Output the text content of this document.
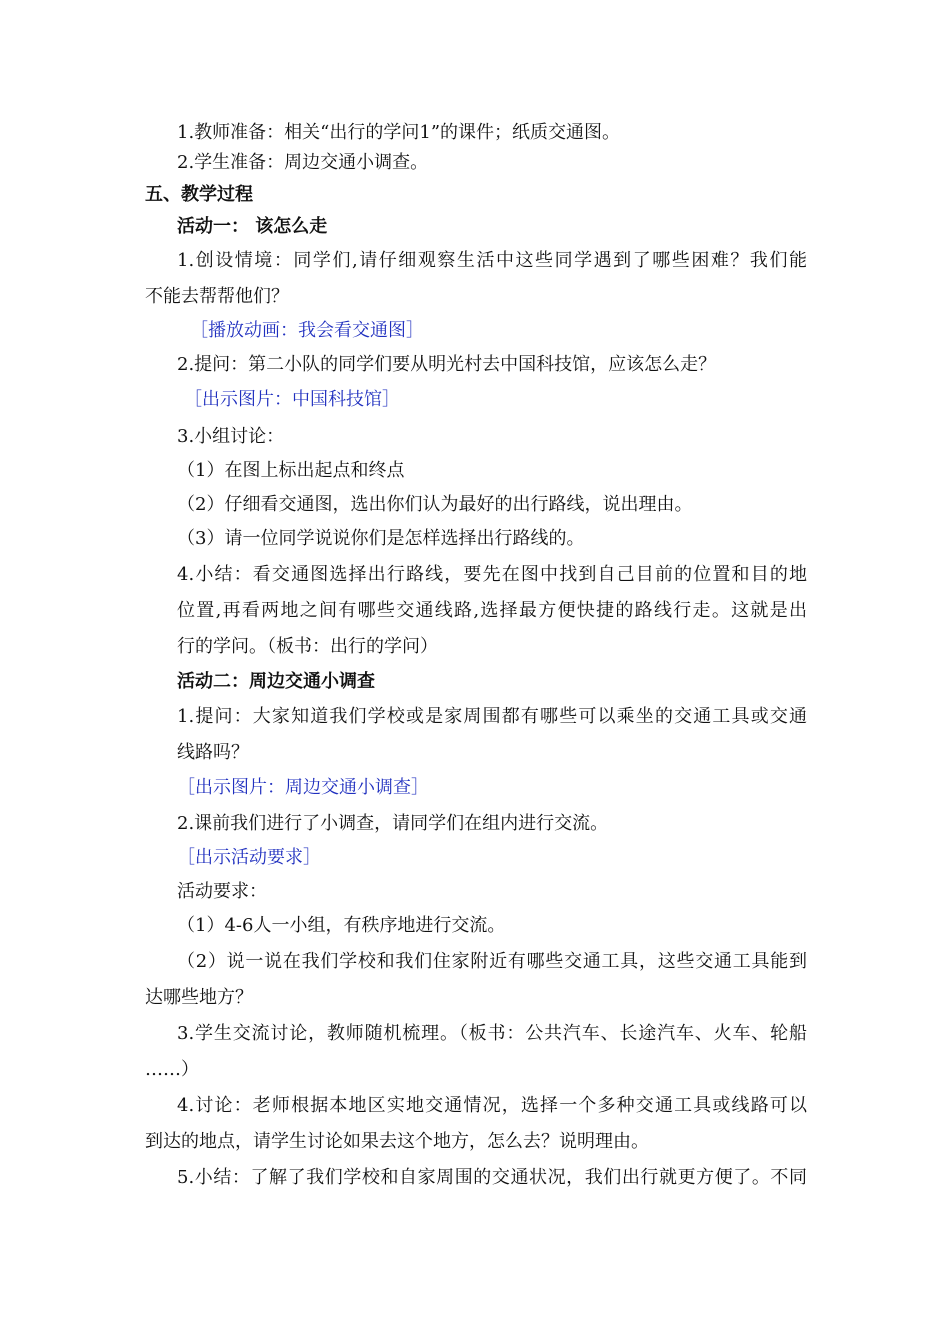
1.教师准备：相关“出行的学问1”的课件；纸质交通图。
2.学生准备：周边交通小调查。
五、教学过程
活动一： 该怎么走
1.创设情境：同学们,请仔细观察生活中这些同学遇到了哪些困难？我们能
不能去帮帮他们？
［播放动画：我会看交通图］
2.提问：第二小队的同学们要从明光村去中国科技馆，应该怎么走？
［出示图片：中国科技馆］
3.小组讨论：
（1）在图上标出起点和终点
（2）仔细看交通图，选出你们认为最好的出行路线，说出理由。
（3）请一位同学说说你们是怎样选择出行路线的。
4.小结：看交通图选择出行路线，要先在图中找到自己目前的位置和目的地
位置,再看两地之间有哪些交通线路,选择最方便快捷的路线行走。这就是出
行的学问。（板书：出行的学问）
活动二：周边交通小调查
1.提问：大家知道我们学校或是家周围都有哪些可以乘坐的交通工具或交通
线路吗？
［出示图片：周边交通小调查］
2.课前我们进行了小调查，请同学们在组内进行交流。
［出示活动要求］
活动要求：
（1）4-6人一小组，有秩序地进行交流。
（2）说一说在我们学校和我们住家附近有哪些交通工具，这些交通工具能到
达哪些地方？
3.学生交流讨论，教师随机梳理。（板书：公共汽车、长途汽车、火车、轮船
……）
4.讨论：老师根据本地区实地交通情况，选择一个多种交通工具或线路可以
到达的地点，请学生讨论如果去这个地方，怎么去？说明理由。
5.小结：了解了我们学校和自家周围的交通状况，我们出行就更方便了。不同
